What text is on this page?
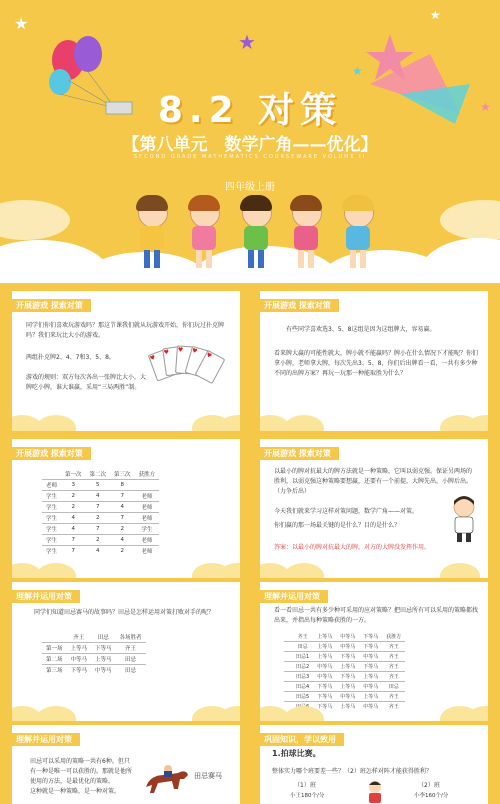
★
★
★
★
★
8.2 对策
【第八单元　数学广角——优化】
SECOND GRADE MATHEMATICS COURSEWARE VOLUME II
四年级上册
开展游戏 探索对策
同学们你们喜欢玩游戏吗？那这节课我们就从玩游戏开始，你们玩过扑克牌吗？我们来玩比大小的游戏。
两组扑克牌2、4、7和3、5、8。
游戏的规则：双方每次各出一张牌比大小，大牌吃小牌，谁大谁赢，采用“三局两胜”制。
♥
♥	♥	♥
♥
开展游戏 探索对策
有些同学喜欢选3、5、8这组是因为这组牌大，容易赢。
看来牌大赢的可能性就大，牌小就不能赢吗？牌小在什么情况下才能呢？你们拿小牌，老师拿大牌，每次先出3、5、8，你们后出牌看一看，一共有多少种不同的出牌方案？再玩一玩那一种能取胜为什么？
开展游戏 探索对策
	第一次	第二次	第三次	获胜方
老师	3	5	8	
学生	2	4	7	老师
学生	2	7	4	老师
学生	4	2	7	老师
学生	4	7	2	学生
学生	7	2	4	老师
学生	7	4	2	老师
开展游戏 探索对策
以最小的牌对抗最大的牌方法就是一种策略，它叫以弱克强。保证另两场的胜利，以弱克强这种策略要想赢，还要有一个前提，大牌先出，小牌后出。（力争后出）
今天我们就来学习这样对策问题，数学广角——对策。
你们赢的那一场最关键的是什么？目的是什么？
答案：以最小的牌对抗最大的牌，对方的大牌没发挥作用。
理解并运用对策
同学们知道田忌赛马的故事吗？田忌是怎样运用对策打败对手的呢？
	齐王	田忌	各场胜者
第一场	上等马	下等马	齐王
第二场	中等马	上等马	田忌
第三场	下等马	中等马	田忌
理解并运用对策
看一看田忌一共有多少种可采用的应对策略？把田忌所有可以采用的策略都找出来，并指出每种策略获胜的一方。
	齐王	上等马	中等马	下等马	获胜方
	田忌	上等马	中等马	下等马	齐王
	田忌1	上等马	下等马	中等马	齐王
	田忌2	中等马	上等马	下等马	齐王
	田忌3	中等马	下等马	上等马	齐王
	田忌4	下等马	上等马	中等马	田忌
	田忌5	下等马	中等马	上等马	齐王
		下等马	上等马	中等马	齐王
理解并运用对策
田忌可以采用的策略一共有6种。但只有一种是唯一可以获胜的。那就是他所使用的方法，是最优化的策略。
这种就是一种策略，是一种对策。
田忌赛马
巩固知识，学以致用
1.拍球比赛。
整体实力哪个班要差一些？（2）班怎样对阵才能获得胜利？
（1）班	（2）班
小王180个/分	小李160个/分
